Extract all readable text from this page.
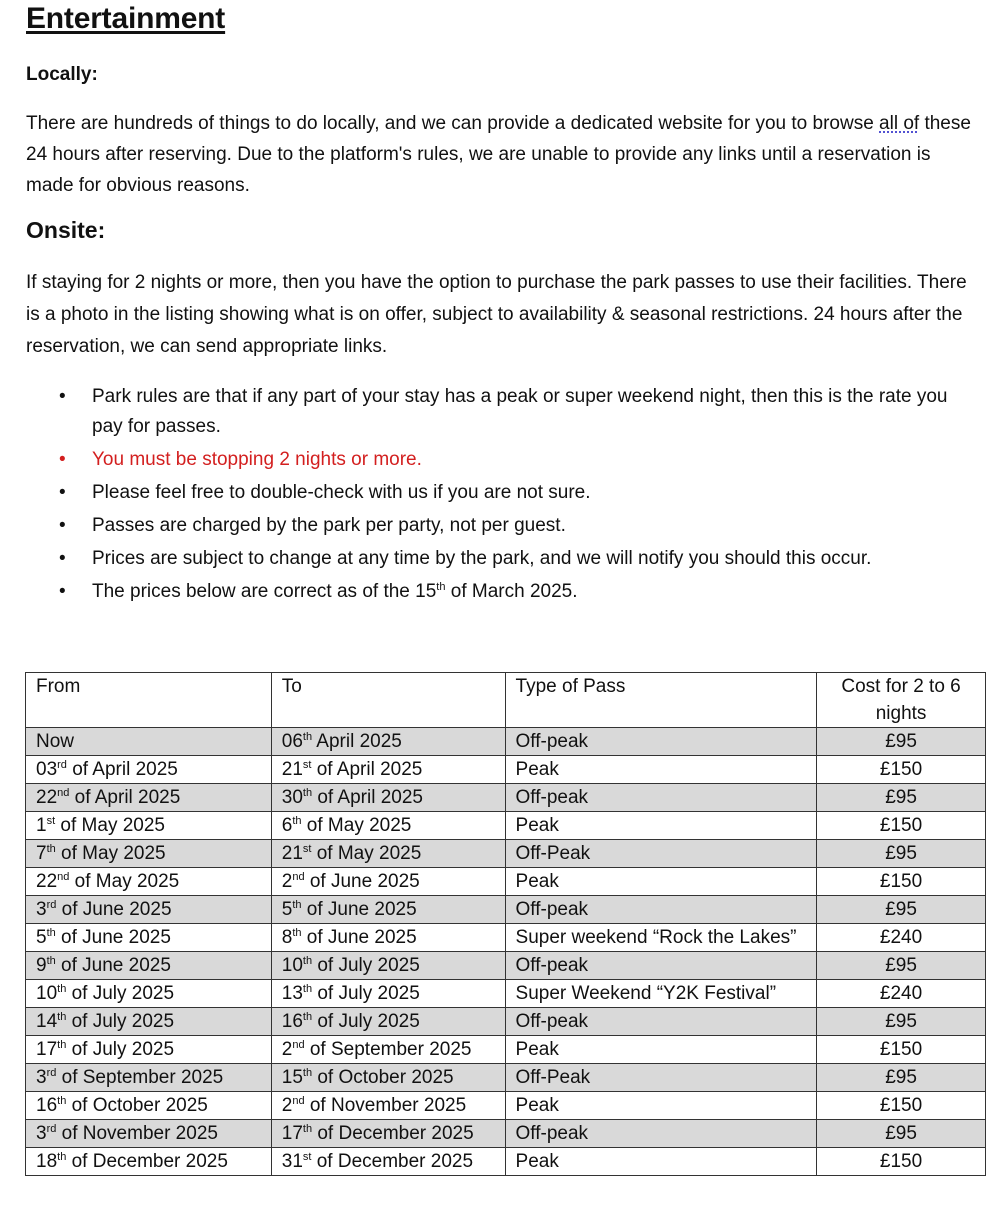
Entertainment
Locally:

There are hundreds of things to do locally, and we can provide a dedicated website for you to browse all of these 24 hours after reserving. Due to the platform's rules, we are unable to provide any links until a reservation is made for obvious reasons.

Onsite:

If staying for 2 nights or more, then you have the option to purchase the park passes to use their facilities. There is a photo in the listing showing what is on offer, subject to availability & seasonal restrictions. 24 hours after the reservation, we can send appropriate links.

• Park rules are that if any part of your stay has a peak or super weekend night, then this is the rate you pay for passes.
• You must be stopping 2 nights or more.
• Please feel free to double-check with us if you are not sure.
• Passes are charged by the park per party, not per guest.
• Prices are subject to change at any time by the park, and we will notify you should this occur.
• The prices below are correct as of the 15th of March 2025.
From	To	Type of Pass	Cost for 2 to 6 nights
Now	06th April 2025	Off-peak	£95
03rd of April 2025	21st of April 2025	Peak	£150
22nd of April 2025	30th of April 2025	Off-peak	£95
1st of May 2025	6th of May 2025	Peak	£150
7th of May 2025	21st of May 2025	Off-Peak	£95
22nd of May 2025	2nd of June 2025	Peak	£150
3rd of June 2025	5th of June 2025	Off-peak	£95
5th of June 2025	8th of June 2025	Super weekend “Rock the Lakes”	£240
9th of June 2025	10th of July 2025	Off-peak	£95
10th of July 2025	13th of July 2025	Super Weekend “Y2K Festival”	£240
14th of July 2025	16th of July 2025	Off-peak	£95
17th of July 2025	2nd of September 2025	Peak	£150
3rd of September 2025	15th of October 2025	Off-Peak	£95
16th of October 2025	2nd of November 2025	Peak	£150
3rd of November 2025	17th of December 2025	Off-peak	£95
18th of December 2025	31st of December 2025	Peak	£150
